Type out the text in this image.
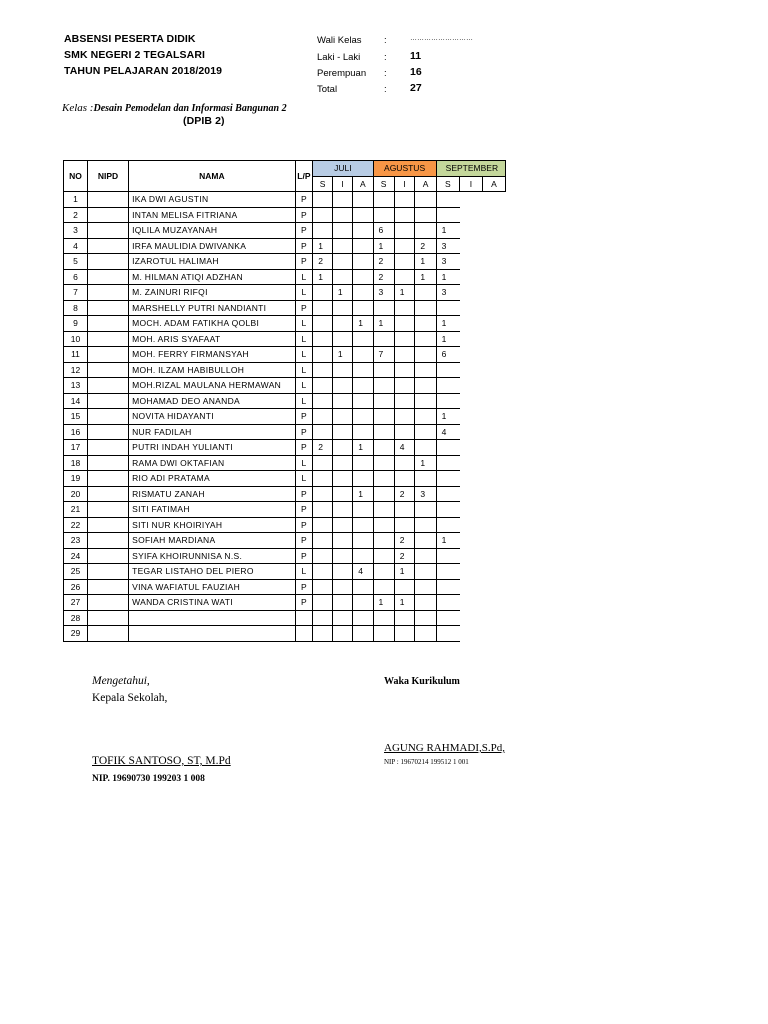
ABSENSI PESERTA DIDIK
SMK NEGERI 2 TEGALSARI
TAHUN PELAJARAN 2018/2019
Wali Kelas :	………………………
Laki - Laki : 11
Perempuan : 16
Total	: 27
Kelas :Desain Pemodelan dan Informasi Bangunan 2
(DPIB 2)
NO	NIPD	NAMA	L/P	JULI			AGUSTUS			SEPTEMBER		
				S	I	A	S	I	A	S	I	A
1		IKA DWI AGUSTIN	P									
2		INTAN MELISA FITRIANA	P									
3		IQLILA MUZAYANAH	P				6			1		
4		IRFA MAULIDIA DWIVANKA	P	1			1		2	3		
5		IZAROTUL HALIMAH	P	2			2		1	3		
6		M. HILMAN ATIQI ADZHAN	L	1			2		1	1		
7		M. ZAINURI RIFQI	L		1		3	1		3		
8		MARSHELLY PUTRI NANDIANTI	P									
9		MOCH. ADAM FATIKHA QOLBI	L			1	1			1		
10		MOH. ARIS SYAFAAT	L							1		
11		MOH. FERRY FIRMANSYAH	L		1		7			6		
12		MOH. ILZAM HABIBULLOH	L									
13		MOH.RIZAL MAULANA HERMAWAN	L									
14		MOHAMAD DEO ANANDA	L									
15		NOVITA HIDAYANTI	P							1		
16		NUR FADILAH	P							4		
17		PUTRI INDAH YULIANTI	P	2		1		4				
18		RAMA DWI OKTAFIAN	L						1			
19		RIO ADI PRATAMA	L									
20		RISMATU ZANAH	P			1		2	3			
21		SITI FATIMAH	P									
22		SITI NUR KHOIRIYAH	P									
23		SOFIAH MARDIANA	P					2		1		
24		SYIFA KHOIRUNNISA N.S.	P					2				
25		TEGAR LISTAHO DEL PIERO	L			4		1				
26		VINA WAFIATUL FAUZIAH	P									
27		WANDA CRISTINA WATI	P				1	1				
28												
29												
Mengetahui,
Kepala Sekolah,
TOFIK SANTOSO, ST, M.Pd
NIP. 19690730 199203 1 008
Waka Kurikulum
AGUNG RAHMADI,S.Pd,
NIP : 19670214 199512 1 001
